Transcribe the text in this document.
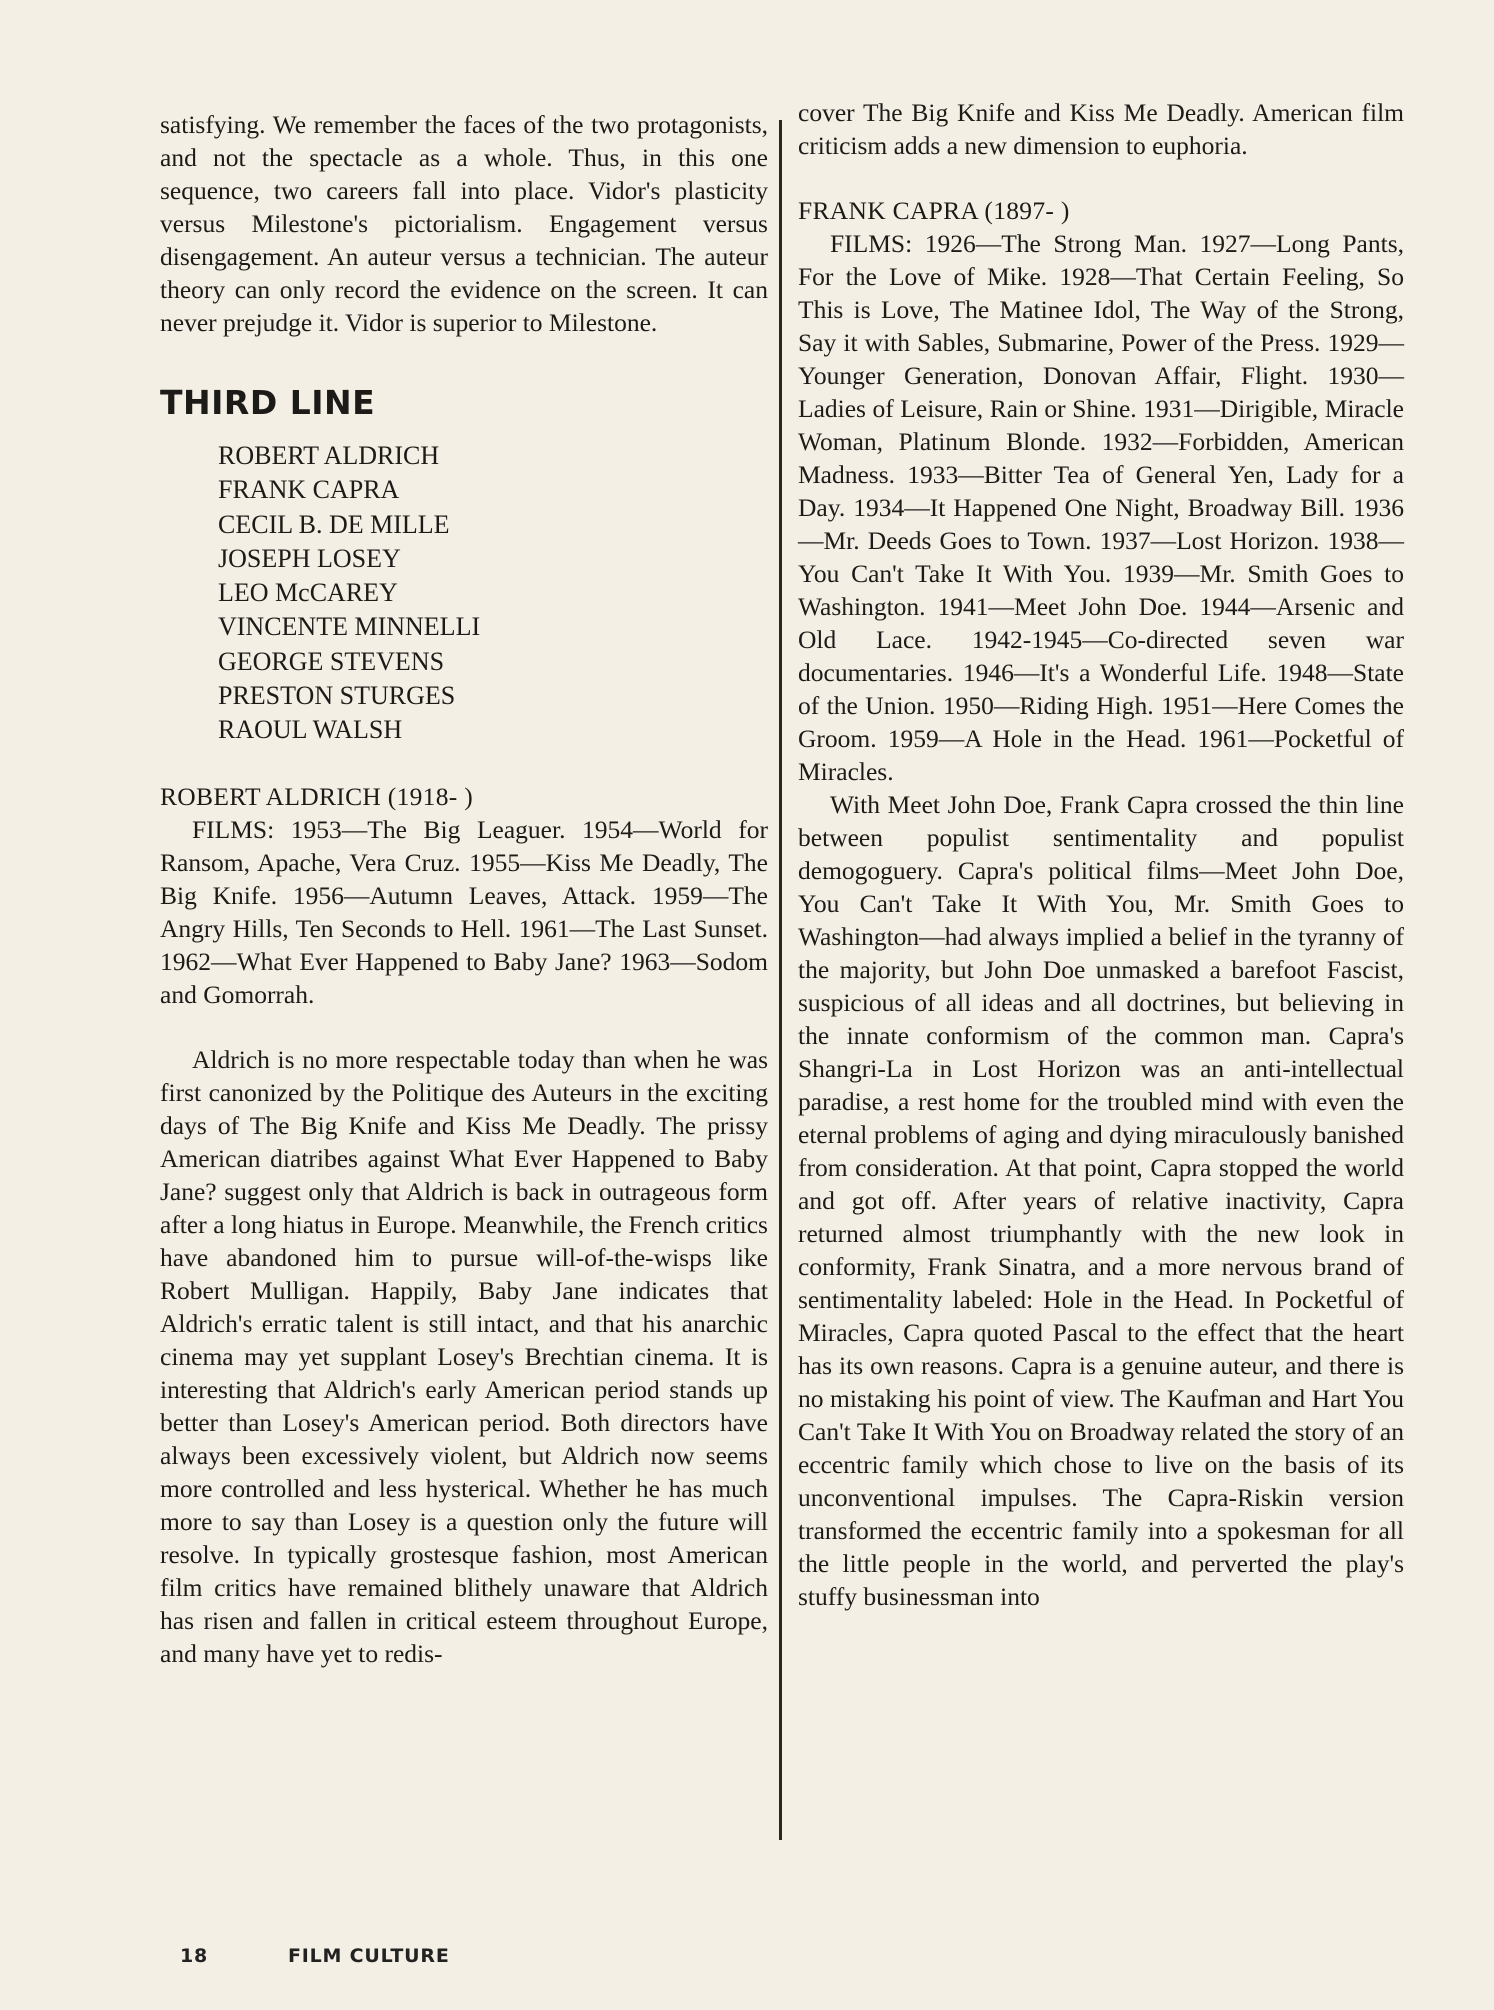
satisfying. We remember the faces of the two protagonists, and not the spectacle as a whole. Thus, in this one sequence, two careers fall into place. Vidor's plasticity versus Milestone's pictorialism. Engagement versus disengagement. An auteur versus a technician. The auteur theory can only record the evidence on the screen. It can never prejudge it. Vidor is superior to Milestone.

THIRD LINE
ROBERT ALDRICH
FRANK CAPRA
CECIL B. DE MILLE
JOSEPH LOSEY
LEO McCAREY
VINCENTE MINNELLI
GEORGE STEVENS
PRESTON STURGES
RAOUL WALSH

ROBERT ALDRICH (1918- )

FILMS: 1953—The Big Leaguer. 1954—World for Ransom, Apache, Vera Cruz. 1955—Kiss Me Deadly, The Big Knife. 1956—Autumn Leaves, Attack. 1959—The Angry Hills, Ten Seconds to Hell. 1961—The Last Sunset. 1962—What Ever Happened to Baby Jane? 1963—Sodom and Gomorrah.

Aldrich is no more respectable today than when he was first canonized by the Politique des Auteurs in the exciting days of The Big Knife and Kiss Me Deadly. The prissy American diatribes against What Ever Happened to Baby Jane? suggest only that Aldrich is back in outrageous form after a long hiatus in Europe. Meanwhile, the French critics have abandoned him to pursue will-of-the-wisps like Robert Mulligan. Happily, Baby Jane indicates that Aldrich's erratic talent is still intact, and that his anarchic cinema may yet supplant Losey's Brechtian cinema. It is interesting that Aldrich's early American period stands up better than Losey's American period. Both directors have always been excessively violent, but Aldrich now seems more controlled and less hysterical. Whether he has much more to say than Losey is a question only the future will resolve. In typically grostesque fashion, most American film critics have remained blithely unaware that Aldrich has risen and fallen in critical esteem throughout Europe, and many have yet to redis-

cover The Big Knife and Kiss Me Deadly. American film criticism adds a new dimension to euphoria.

FRANK CAPRA (1897- )

FILMS: 1926—The Strong Man. 1927—Long Pants, For the Love of Mike. 1928—That Certain Feeling, So This is Love, The Matinee Idol, The Way of the Strong, Say it with Sables, Submarine, Power of the Press. 1929—Younger Generation, Donovan Affair, Flight. 1930—Ladies of Leisure, Rain or Shine. 1931—Dirigible, Miracle Woman, Platinum Blonde. 1932—Forbidden, American Madness. 1933—Bitter Tea of General Yen, Lady for a Day. 1934—It Happened One Night, Broadway Bill. 1936—Mr. Deeds Goes to Town. 1937—Lost Horizon. 1938—You Can't Take It With You. 1939—Mr. Smith Goes to Washington. 1941—Meet John Doe. 1944—Arsenic and Old Lace. 1942-1945—Co-directed seven war documentaries. 1946—It's a Wonderful Life. 1948—State of the Union. 1950—Riding High. 1951—Here Comes the Groom. 1959—A Hole in the Head. 1961—Pocketful of Miracles.

With Meet John Doe, Frank Capra crossed the thin line between populist sentimentality and populist demogoguery. Capra's political films—Meet John Doe, You Can't Take It With You, Mr. Smith Goes to Washington—had always implied a belief in the tyranny of the majority, but John Doe unmasked a barefoot Fascist, suspicious of all ideas and all doctrines, but believing in the innate conformism of the common man. Capra's Shangri-La in Lost Horizon was an anti-intellectual paradise, a rest home for the troubled mind with even the eternal problems of aging and dying miraculously banished from consideration. At that point, Capra stopped the world and got off. After years of relative inactivity, Capra returned almost triumphantly with the new look in conformity, Frank Sinatra, and a more nervous brand of sentimentality labeled: Hole in the Head. In Pocketful of Miracles, Capra quoted Pascal to the effect that the heart has its own reasons. Capra is a genuine auteur, and there is no mistaking his point of view. The Kaufman and Hart You Can't Take It With You on Broadway related the story of an eccentric family which chose to live on the basis of its unconventional impulses. The Capra-Riskin version transformed the eccentric family into a spokesman for all the little people in the world, and perverted the play's stuffy businessman into

18	FILM CULTURE
